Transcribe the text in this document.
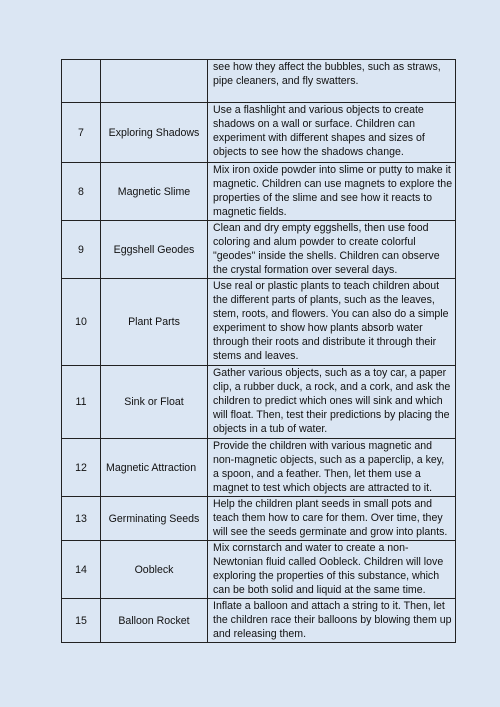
		see how they affect the bubbles, such as straws, pipe cleaners, and fly swatters.
7	Exploring Shadows	Use a flashlight and various objects to create shadows on a wall or surface. Children can experiment with different shapes and sizes of objects to see how the shadows change.
8	Magnetic Slime	Mix iron oxide powder into slime or putty to make it magnetic. Children can use magnets to explore the properties of the slime and see how it reacts to magnetic fields.
9	Eggshell Geodes	Clean and dry empty eggshells, then use food coloring and alum powder to create colorful "geodes" inside the shells. Children can observe the crystal formation over several days.
10	Plant Parts	Use real or plastic plants to teach children about the different parts of plants, such as the leaves, stem, roots, and flowers. You can also do a simple experiment to show how plants absorb water through their roots and distribute it through their stems and leaves.
11	Sink or Float	Gather various objects, such as a toy car, a paper clip, a rubber duck, a rock, and a cork, and ask the children to predict which ones will sink and which will float. Then, test their predictions by placing the objects in a tub of water.
12	Magnetic Attraction	Provide the children with various magnetic and non-magnetic objects, such as a paperclip, a key, a spoon, and a feather. Then, let them use a magnet to test which objects are attracted to it.
13	Germinating Seeds	Help the children plant seeds in small pots and teach them how to care for them. Over time, they will see the seeds germinate and grow into plants.
14	Oobleck	Mix cornstarch and water to create a non-Newtonian fluid called Oobleck. Children will love exploring the properties of this substance, which can be both solid and liquid at the same time.
15	Balloon Rocket	Inflate a balloon and attach a string to it. Then, let the children race their balloons by blowing them up and releasing them.
